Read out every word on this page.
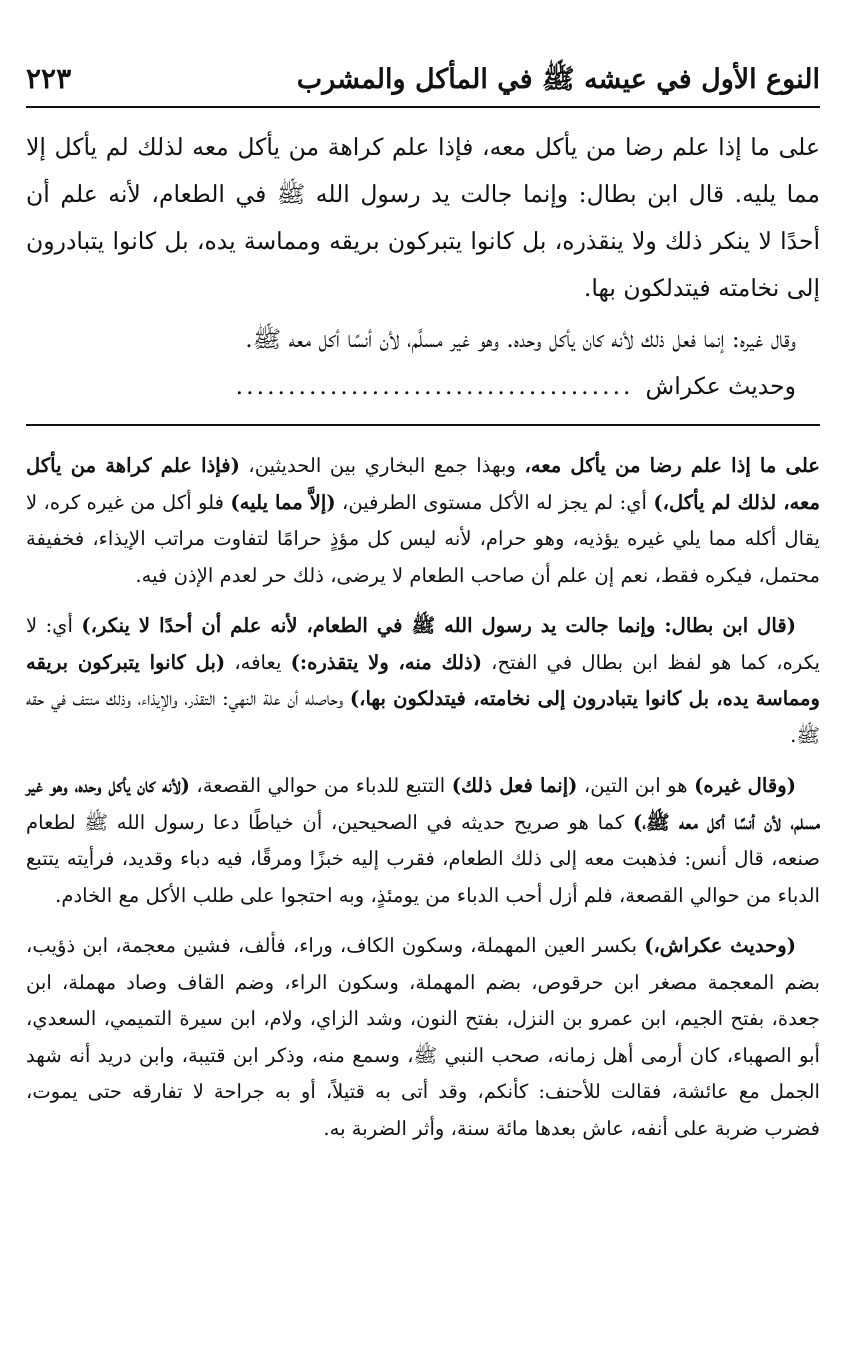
النوع الأول في عيشه ﷺ في المأكل والمشرب
٢٢٣

على ما إذا علم رضا من يأكل معه، فإذا علم كراهة من يأكل معه لذلك لم يأكل إلا مما يليه. قال ابن بطال: وإنما جالت يد رسول الله ﷺ في الطعام، لأنه علم أن أحدًا لا ينكر ذلك ولا ينقذره، بل كانوا يتبركون بريقه ومماسة يده، بل كانوا يتبادرون إلى نخامته فيتدلكون بها.

وقال غيره: إنما فعل ذلك لأنه كان يأكل وحده. وهو غير مسلَّم، لأن أنسًا أكل معه ﷺ.

وحديث عكراش
......................................

على ما إذا علم رضا من يأكل معه، وبهذا جمع البخاري بين الحديثين، (فإذا علم كراهة من يأكل معه، لذلك لم يأكل،) أي: لم يجز له الأكل مستوى الطرفين، (إلاَّ مما يليه) فلو أكل من غيره كره، لا يقال أكله مما يلي غيره يؤذيه، وهو حرام، لأنه ليس كل مؤذٍ حرامًا لتفاوت مراتب الإيذاء، فخفيفة محتمل، فيكره فقط، نعم إن علم أن صاحب الطعام لا يرضى، ذلك حر لعدم الإذن فيه.

(قال ابن بطال: وإنما جالت يد رسول الله ﷺ في الطعام، لأنه علم أن أحدًا لا ينكر،) أي: لا يكره، كما هو لفظ ابن بطال في الفتح، (ذلك منه، ولا يتقذره:) يعافه، (بل كانوا يتبركون بريقه ومماسة يده، بل كانوا يتبادرون إلى نخامته، فيتدلكون بها،) وحاصله أن علة النهي: التقذر، والإيذاء، وذلك منتف في حقه ﷺ.

(وقال غيره) هو ابن التين، (إنما فعل ذلك) التتبع للدباء من حوالي القصعة، (لأنه كان يأكل وحده، وهو غير مسلم، لأن أنسًا أكل معه ﷺ،) كما هو صريح حديثه في الصحيحين، أن خياطًا دعا رسول الله ﷺ لطعام صنعه، قال أنس: فذهبت معه إلى ذلك الطعام، فقرب إليه خبزًا ومرقًا، فيه دباء وقديد، فرأيته يتتبع الدباء من حوالي القصعة، فلم أزل أحب الدباء من يومئذٍ، وبه احتجوا على طلب الأكل مع الخادم.

(وحديث عكراش،) بكسر العين المهملة، وسكون الكاف، وراء، فألف، فشين معجمة، ابن ذؤيب، بضم المعجمة مصغر ابن حرقوص، بضم المهملة، وسكون الراء، وضم القاف وصاد مهملة، ابن جعدة، بفتح الجيم، ابن عمرو بن النزل، بفتح النون، وشد الزاي، ولام، ابن سيرة التميمي، السعدي، أبو الصهباء، كان أرمى أهل زمانه، صحب النبي ﷺ، وسمع منه، وذكر ابن قتيبة، وابن دريد أنه شهد الجمل مع عائشة، فقالت للأحنف: كأنكم، وقد أتى به قتيلاً، أو به جراحة لا تفارقه حتى يموت، فضرب ضربة على أنفه، عاش بعدها مائة سنة، وأثر الضربة به.
